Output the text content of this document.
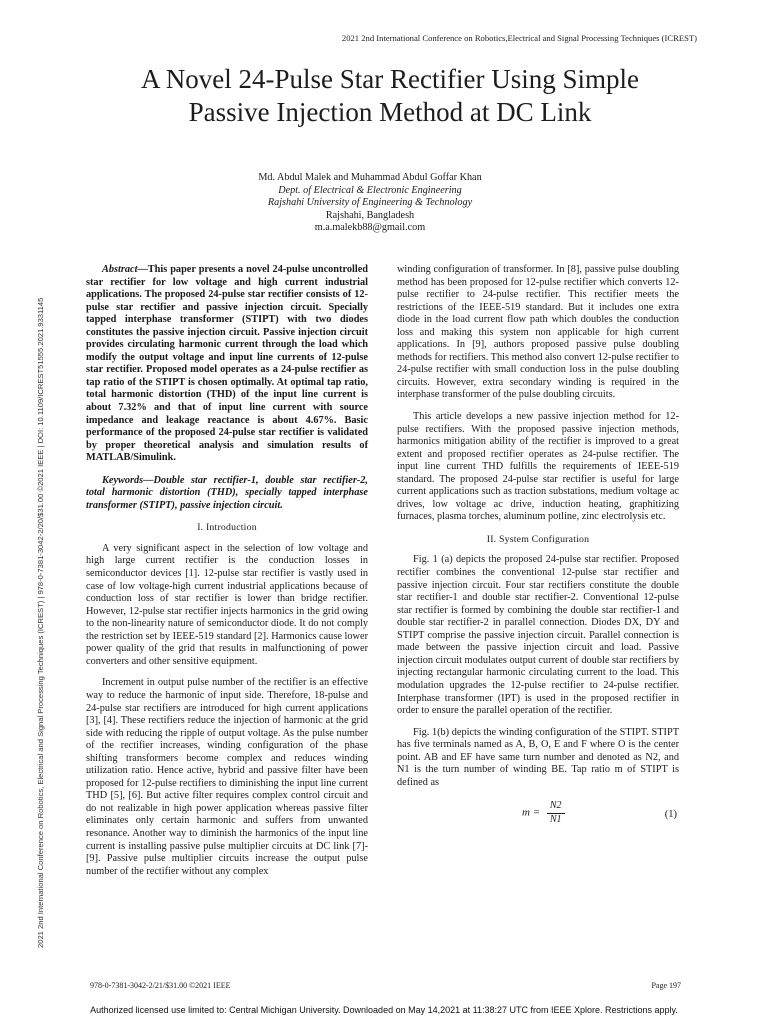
2021 2nd International Conference on Robotics,Electrical and Signal Processing Techniques (ICREST)
A Novel 24-Pulse Star Rectifier Using Simple
Passive Injection Method at DC Link
Md. Abdul Malek and Muhammad Abdul Goffar Khan
Dept. of Electrical & Electronic Engineering
Rajshahi University of Engineering & Technology
Rajshahi, Bangladesh
m.a.malekb88@gmail.com
2021 2nd International Conference on Robotics, Electrical and Signal Processing Techniques (ICREST) | 978-0-7381-3042-2/20/$31.00 ©2021 IEEE | DOI: 10.1109/ICREST51555.2021.9331145

Abstract—This paper presents a novel 24-pulse uncontrolled star rectifier for low voltage and high current industrial applications. The proposed 24-pulse star rectifier consists of 12-pulse star rectifier and passive injection circuit. Specially tapped interphase transformer (STIPT) with two diodes constitutes the passive injection circuit. Passive injection circuit provides circulating harmonic current through the load which modify the output voltage and input line currents of 12-pulse star rectifier. Proposed model operates as a 24-pulse rectifier as tap ratio of the STIPT is chosen optimally. At optimal tap ratio, total harmonic distortion (THD) of the input line current is about 7.32% and that of input line current with source impedance and leakage reactance is about 4.67%. Basic performance of the proposed 24-pulse star rectifier is validated by proper theoretical analysis and simulation results of MATLAB/Simulink.

Keywords—Double star rectifier-1, double star rectifier-2, total harmonic distortion (THD), specially tapped interphase transformer (STIPT), passive injection circuit.

I. Introduction

A very significant aspect in the selection of low voltage and high large current rectifier is the conduction losses in semiconductor devices [1]. 12-pulse star rectifier is vastly used in case of low voltage-high current industrial applications because of conduction loss of star rectifier is lower than bridge rectifier. However, 12-pulse star rectifier injects harmonics in the grid owing to the non-linearity nature of semiconductor diode. It do not comply the restriction set by IEEE-519 standard [2]. Harmonics cause lower power quality of the grid that results in malfunctioning of power converters and other sensitive equipment.

Increment in output pulse number of the rectifier is an effective way to reduce the harmonic of input side. Therefore, 18-pulse and 24-pulse star rectifiers are introduced for high current applications [3], [4]. These rectifiers reduce the injection of harmonic at the grid side with reducing the ripple of output voltage. As the pulse number of the rectifier increases, winding configuration of the phase shifting transformers become complex and reduces winding utilization ratio. Hence active, hybrid and passive filter have been proposed for 12-pulse rectifiers to diminishing the input line current THD [5], [6]. But active filter requires complex control circuit and do not realizable in high power application whereas passive filter eliminates only certain harmonic and suffers from unwanted resonance. Another way to diminish the harmonics of the input line current is installing passive pulse multiplier circuits at DC link [7]-[9]. Passive pulse multiplier circuits increase the output pulse number of the rectifier without any complex

winding configuration of transformer. In [8], passive pulse doubling method has been proposed for 12-pulse rectifier which converts 12-pulse rectifier to 24-pulse rectifier. This rectifier meets the restrictions of the IEEE-519 standard. But it includes one extra diode in the load current flow path which doubles the conduction loss and making this system non applicable for high current applications. In [9], authors proposed passive pulse doubling methods for rectifiers. This method also convert 12-pulse rectifier to 24-pulse rectifier with small conduction loss in the pulse doubling circuits. However, extra secondary winding is required in the interphase transformer of the pulse doubling circuits.

This article develops a new passive injection method for 12-pulse rectifiers. With the proposed passive injection methods, harmonics mitigation ability of the rectifier is improved to a great extent and proposed rectifier operates as 24-pulse rectifier. The input line current THD fulfills the requirements of IEEE-519 standard. The proposed 24-pulse star rectifier is useful for large current applications such as traction substations, medium voltage ac drives, low voltage ac drive, induction heating, graphitizing furnaces, plasma torches, aluminum potline, zinc electrolysis etc.

II. System Configuration

Fig. 1 (a) depicts the proposed 24-pulse star rectifier. Proposed rectifier combines the conventional 12-pulse star rectifier and passive injection circuit. Four star rectifiers constitute the double star rectifier-1 and double star rectifier-2. Conventional 12-pulse star rectifier is formed by combining the double star rectifier-1 and double star rectifier-2 in parallel connection. Diodes DX, DY and STIPT comprise the passive injection circuit. Parallel connection is made between the passive injection circuit and load. Passive injection circuit modulates output current of double star rectifiers by injecting rectangular harmonic circulating current to the load. This modulation upgrades the 12-pulse rectifier to 24-pulse rectifier. Interphase transformer (IPT) is used in the proposed rectifier in order to ensure the parallel operation of the rectifier.

Fig. 1(b) depicts the winding configuration of the STIPT. STIPT has five terminals named as A, B, O, E and F where O is the center point. AB and EF have same turn number and denoted as N2, and N1 is the turn number of winding BE. Tap ratio m of STIPT is defined as

$m = \frac{N2}{N1}$	(1)
978-0-7381-3042-2/21/$31.00 ©2021 IEEE	Page 197
Authorized licensed use limited to: Central Michigan University. Downloaded on May 14,2021 at 11:38:27 UTC from IEEE Xplore. Restrictions apply.
